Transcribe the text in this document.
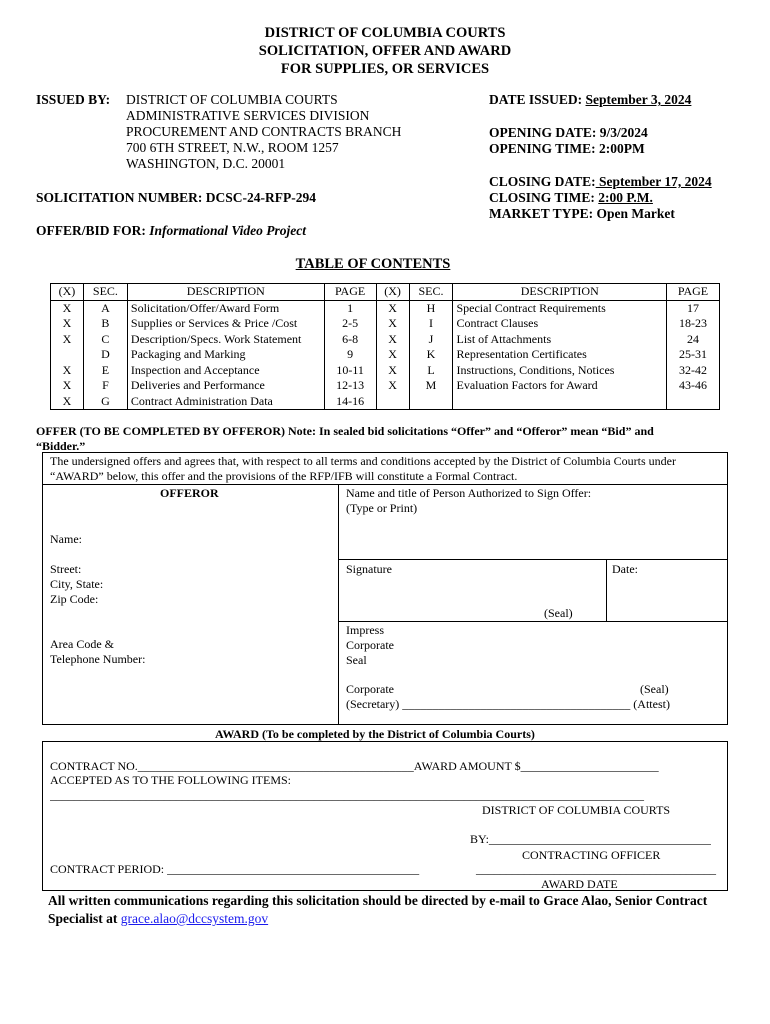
DISTRICT OF COLUMBIA COURTS
SOLICITATION, OFFER AND AWARD
FOR SUPPLIES, OR SERVICES
ISSUED BY: DISTRICT OF COLUMBIA COURTS
ADMINISTRATIVE SERVICES DIVISION
PROCUREMENT AND CONTRACTS BRANCH
700 6TH STREET, N.W., ROOM 1257
WASHINGTON, D.C. 20001
SOLICITATION NUMBER: DCSC-24-RFP-294
OFFER/BID FOR: Informational Video Project
DATE ISSUED: September 3, 2024
OPENING DATE: 9/3/2024
OPENING TIME: 2:00PM
CLOSING DATE: September 17, 2024
CLOSING TIME: 2:00 P.M.
MARKET TYPE: Open Market
TABLE OF CONTENTS
(X)	SEC.	DESCRIPTION	PAGE	(X)	SEC.	DESCRIPTION	PAGE
X	A	Solicitation/Offer/Award Form	1	X	H	Special Contract Requirements	17
X	B	Supplies or Services & Price /Cost	2-5	X	I	Contract Clauses	18-23
X	C	Description/Specs. Work Statement	6-8	X	J	List of Attachments	24
	D	Packaging and Marking	9	X	K	Representation Certificates	25-31
X	E	Inspection and Acceptance	10-11	X	L	Instructions, Conditions, Notices	32-42
X	F	Deliveries and Performance	12-13	X	M	Evaluation Factors for Award	43-46
X	G	Contract Administration Data	14-16				
OFFER (TO BE COMPLETED BY OFFEROR) Note: In sealed bid solicitations “Offer” and “Offeror” mean “Bid” and
“Bidder.”
The undersigned offers and agrees that, with respect to all terms and conditions accepted by the District of Columbia Courts under
“AWARD” below, this offer and the provisions of the RFP/IFB will constitute a Formal Contract.
OFFEROR	Name and title of Person Authorized to Sign Offer:
(Type or Print)
Name:
Street:
City, State:
Zip Code:
Area Code &
Telephone Number:
Signature	Date:
(Seal)
Impress
Corporate
Seal
Corporate	(Seal)
(Secretary) ______________________________________ (Attest)
AWARD (To be completed by the District of Columbia Courts)
CONTRACT NO.______________________________________________AWARD AMOUNT $_______________________
ACCEPTED AS TO THE FOLLOWING ITEMS:
___________________________________________________________________________________________________
DISTRICT OF COLUMBIA COURTS
BY:_____________________________________
CONTRACTING OFFICER
CONTRACT PERIOD: __________________________________________	________________________________________
AWARD DATE
All written communications regarding this solicitation should be directed by e-mail to Grace Alao, Senior Contract
Specialist at grace.alao@dccsystem.gov
